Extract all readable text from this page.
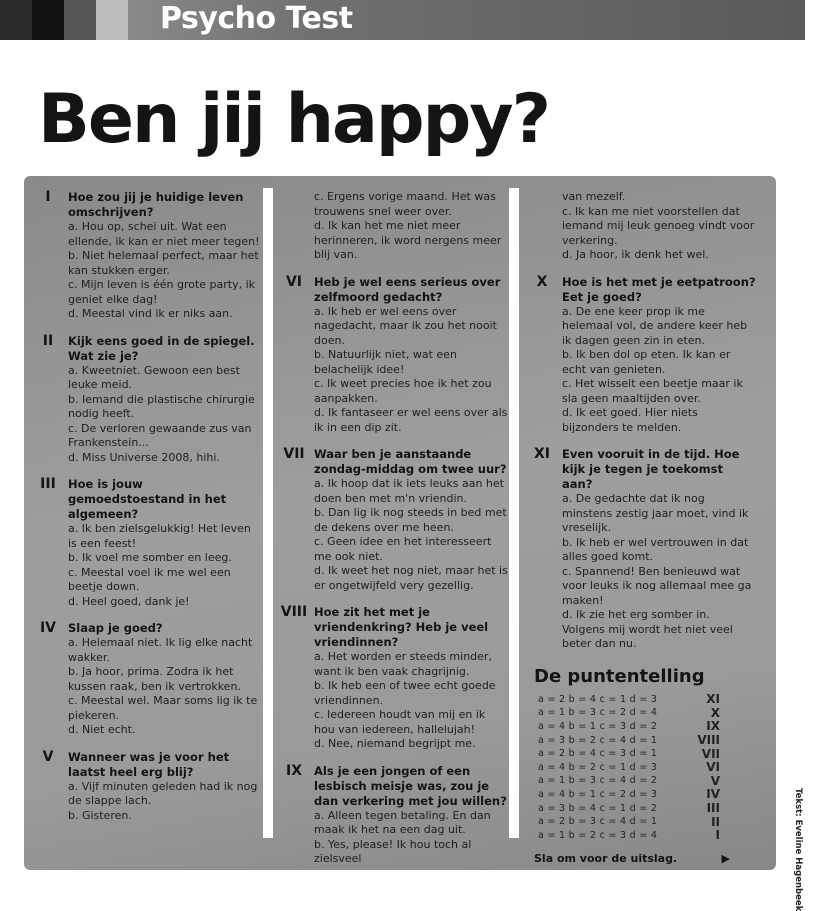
Psycho Test
Ben jij happy?
I	Hoe zou jij je huidige leven omschrijven?
a. Hou op, schei uit. Wat een ellende, ik kan er niet meer tegen!
b. Niet helemaal perfect, maar het kan stukken erger.
c. Mijn leven is één grote party, ik geniet elke dag!
d. Meestal vind ik er niks aan.
II	Kijk eens goed in de spiegel. Wat zie je?
a. Kweetniet. Gewoon een best leuke meid.
b. Iemand die plastische chirurgie nodig heeft.
c. De verloren gewaande zus van Frankenstein...
d. Miss Universe 2008, hihi.
III	Hoe is jouw gemoedstoestand in het algemeen?
a. Ik ben zielsgelukkig! Het leven is een feest!
b. Ik voel me somber en leeg.
c. Meestal voel ik me wel een beetje down.
d. Heel goed, dank je!
IV	Slaap je goed?
a. Helemaal niet. Ik lig elke nacht wakker.
b. Ja hoor, prima. Zodra ik het kussen raak, ben ik vertrokken.
c. Meestal wel. Maar soms lig ik te piekeren.
d. Niet echt.
V	Wanneer was je voor het laatst heel erg blij?
a. Vijf minuten geleden had ik nog de slappe lach.
b. Gisteren.
c. Ergens vorige maand. Het was trouwens snel weer over.
d. Ik kan het me niet meer herinneren, ik word nergens meer blij van.
VI	Heb je wel eens serieus over zelfmoord gedacht?
a. Ik heb er wel eens over nagedacht, maar ik zou het nooit doen.
b. Natuurlijk niet, wat een belachelijk idee!
c. Ik weet precies hoe ik het zou aanpakken.
d. Ik fantaseer er wel eens over als ik in een dip zit.
VII Waar ben je aanstaande zondag-middag om twee uur?
a. Ik hoop dat ik iets leuks aan het doen ben met m'n vriendin.
b. Dan lig ik nog steeds in bed met de dekens over me heen.
c. Geen idee en het interesseert me ook niet.
d. Ik weet het nog niet, maar het is er ongetwijfeld very gezellig.
VIII Hoe zit het met je vriendenkring? Heb je veel vriendinnen?
a. Het worden er steeds minder, want ik ben vaak chagrijnig.
b. Ik heb een of twee echt goede vriendinnen.
c. Iedereen houdt van mij en ik hou van iedereen, hallelujah!
d. Nee, niemand begrijpt me.
IX	Als je een jongen of een lesbisch meisje was, zou je dan verkering met jou willen?
a. Alleen tegen betaling. En dan maak ik het na een dag uit.
b. Yes, please! Ik hou toch al zielsveel
van mezelf.
c. Ik kan me niet voorstellen dat iemand mij leuk genoeg vindt voor verkering.
d. Ja hoor, ik denk het wel.
X	Hoe is het met je eetpatroon? Eet je goed?
a. De ene keer prop ik me helemaal vol, de andere keer heb ik dagen geen zin in eten.
b. Ik ben dol op eten. Ik kan er echt van genieten.
c. Het wisselt een beetje maar ik sla geen maaltijden over.
d. Ik eet goed. Hier niets bijzonders te melden.
XI	Even vooruit in de tijd. Hoe kijk je tegen je toekomst aan?
a. De gedachte dat ik nog minstens zestig jaar moet, vind ik vreselijk.
b. Ik heb er wel vertrouwen in dat alles goed komt.
c. Spannend! Ben benieuwd wat voor leuks ik nog allemaal mee ga maken!
d. Ik zie het erg somber in. Volgens mij wordt het niet veel beter dan nu.
De puntentelling
a = 2 b = 4 c = 1 d = 3	XI
a = 1 b = 3 c = 2 d = 4	X
a = 4 b = 1 c = 3 d = 2	IX
a = 3 b = 2 c = 4 d = 1	VIII
a = 2 b = 4 c = 3 d = 1	VII
a = 4 b = 2 c = 1 d = 3	VI
a = 1 b = 3 c = 4 d = 2	V
a = 4 b = 1 c = 2 d = 3	IV
a = 3 b = 4 c = 1 d = 2	III
a = 2 b = 3 c = 4 d = 1	II
a = 1 b = 2 c = 3 d = 4	I
Sla om voor de uitslag.	▶	Tekst: Eveline Hagenbeek
